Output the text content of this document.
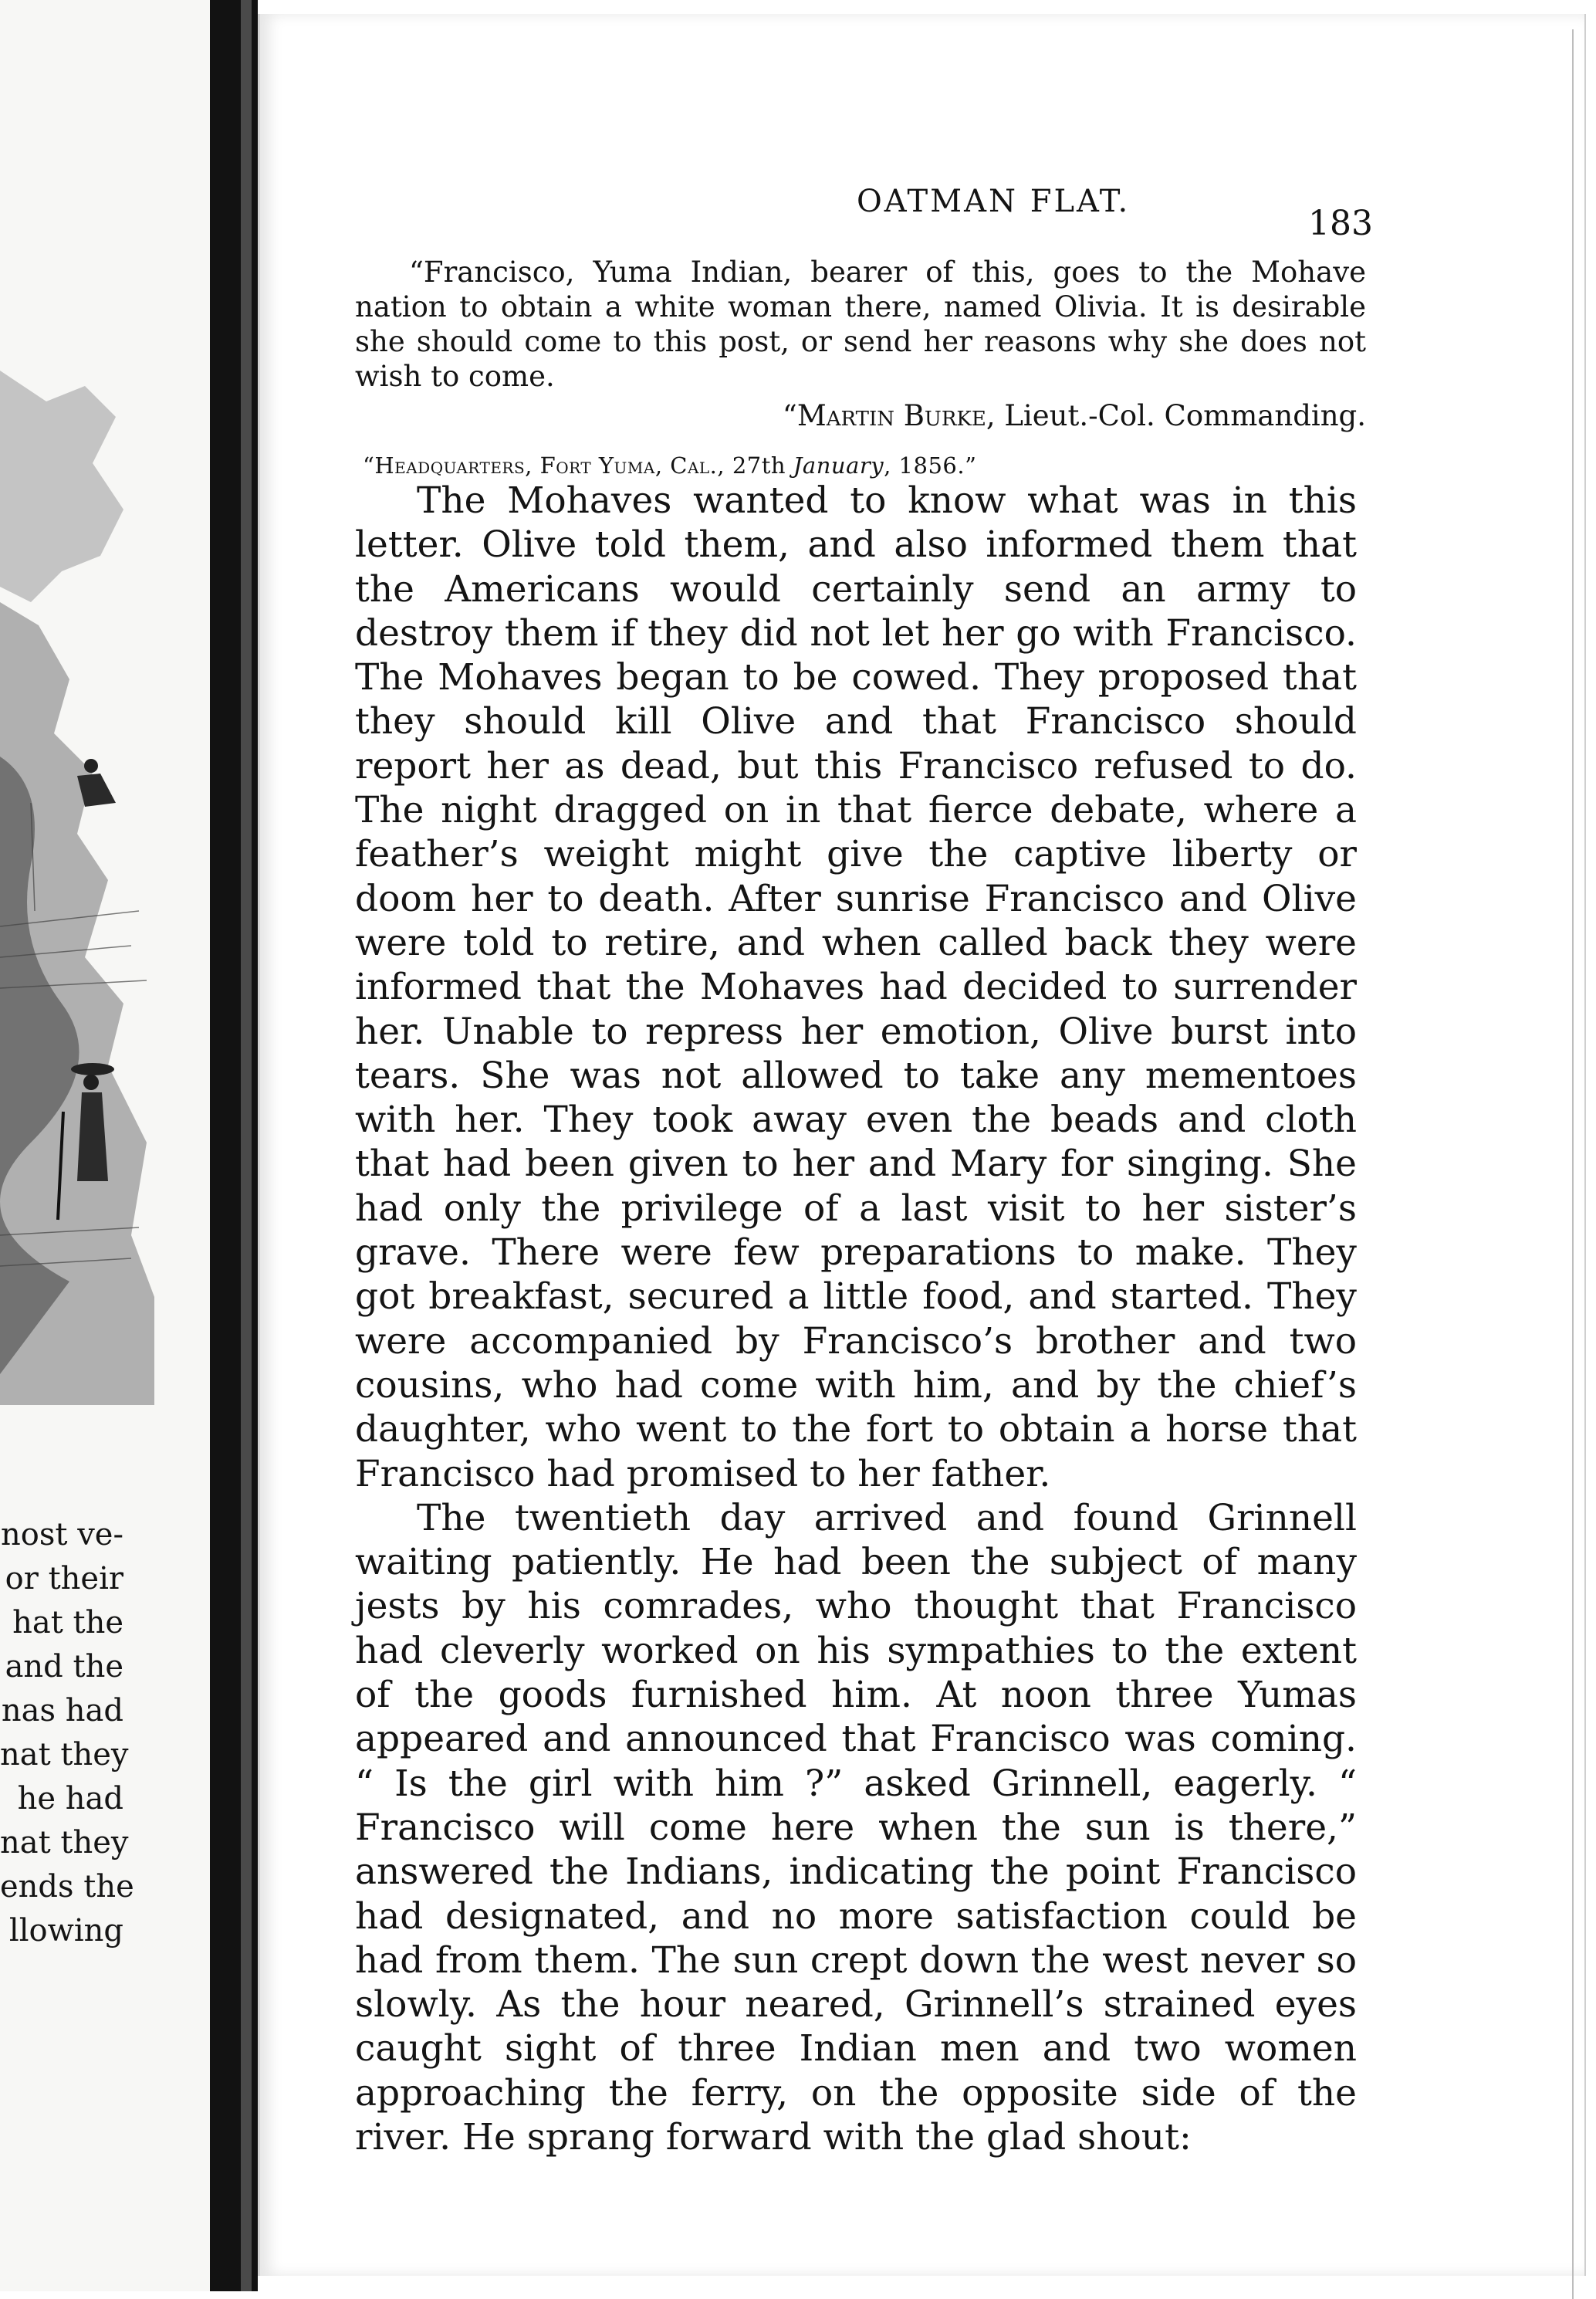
nost ve-
or their
hat the
and the
nas had
nat they
he had
nat they
ends the
llowing
OATMAN FLAT.
183

“Francisco, Yuma Indian, bearer of this, goes to the Mohave nation to obtain a white woman there, named Olivia. It is desirable she should come to this post, or send her reasons why she does not wish to come.

“Martin Burke, Lieut.-Col. Commanding.

“Headquarters, Fort Yuma, Cal., 27th January, 1856.”

The Mohaves wanted to know what was in this letter. Olive told them, and also informed them that the Americans would certainly send an army to destroy them if they did not let her go with Francisco. The Mohaves began to be cowed. They proposed that they should kill Olive and that Francisco should report her as dead, but this Francisco refused to do. The night dragged on in that fierce debate, where a feather’s weight might give the captive liberty or doom her to death. After sunrise Francisco and Olive were told to retire, and when called back they were informed that the Mohaves had decided to surrender her. Unable to repress her emotion, Olive burst into tears. She was not allowed to take any mementoes with her. They took away even the beads and cloth that had been given to her and Mary for singing. She had only the privilege of a last visit to her sister’s grave. There were few preparations to make. They got breakfast, secured a little food, and started. They were accompanied by Francisco’s brother and two cousins, who had come with him, and by the chief’s daughter, who went to the fort to obtain a horse that Francisco had promised to her father.

The twentieth day arrived and found Grinnell waiting patiently. He had been the subject of many jests by his comrades, who thought that Francisco had cleverly worked on his sympathies to the extent of the goods furnished him. At noon three Yumas appeared and announced that Francisco was coming. “ Is the girl with him ?” asked Grinnell, eagerly. “ Francisco will come here when the sun is there,” answered the Indians, indicating the point Francisco had designated, and no more satisfaction could be had from them. The sun crept down the west never so slowly. As the hour neared, Grinnell’s strained eyes caught sight of three Indian men and two women approaching the ferry, on the opposite side of the river. He sprang forward with the glad shout:
